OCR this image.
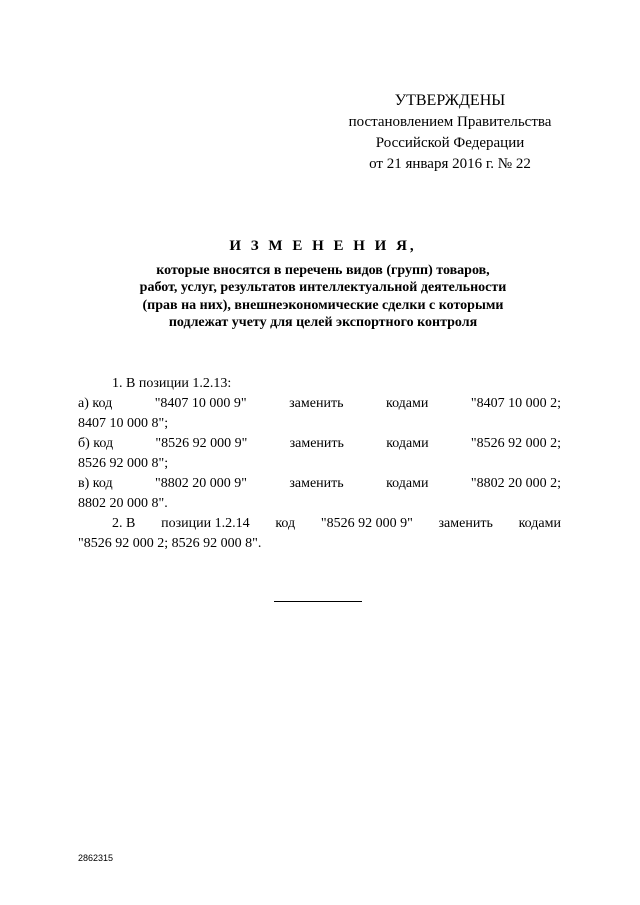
УТВЕРЖДЕНЫ
постановлением Правительства
Российской Федерации
от 21 января 2016 г. № 22
И З М Е Н Е Н И Я,
которые вносятся в перечень видов (групп) товаров,
работ, услуг, результатов интеллектуальной деятельности
(прав на них), внешнеэкономические сделки с которыми
подлежат учету для целей экспортного контроля
1. В позиции 1.2.13:
а) код	"8407 10 000 9"	заменить	кодами	"8407 10 000 2;
8407 10 000 8";
б) код	"8526 92 000 9"	заменить	кодами	"8526 92 000 2;
8526 92 000 8";
в) код	"8802 20 000 9"	заменить	кодами	"8802 20 000 2;
8802 20 000 8".
2. В позиции 1.2.14 код "8526 92 000 9" заменить кодами
"8526 92 000 2; 8526 92 000 8".
2862315
